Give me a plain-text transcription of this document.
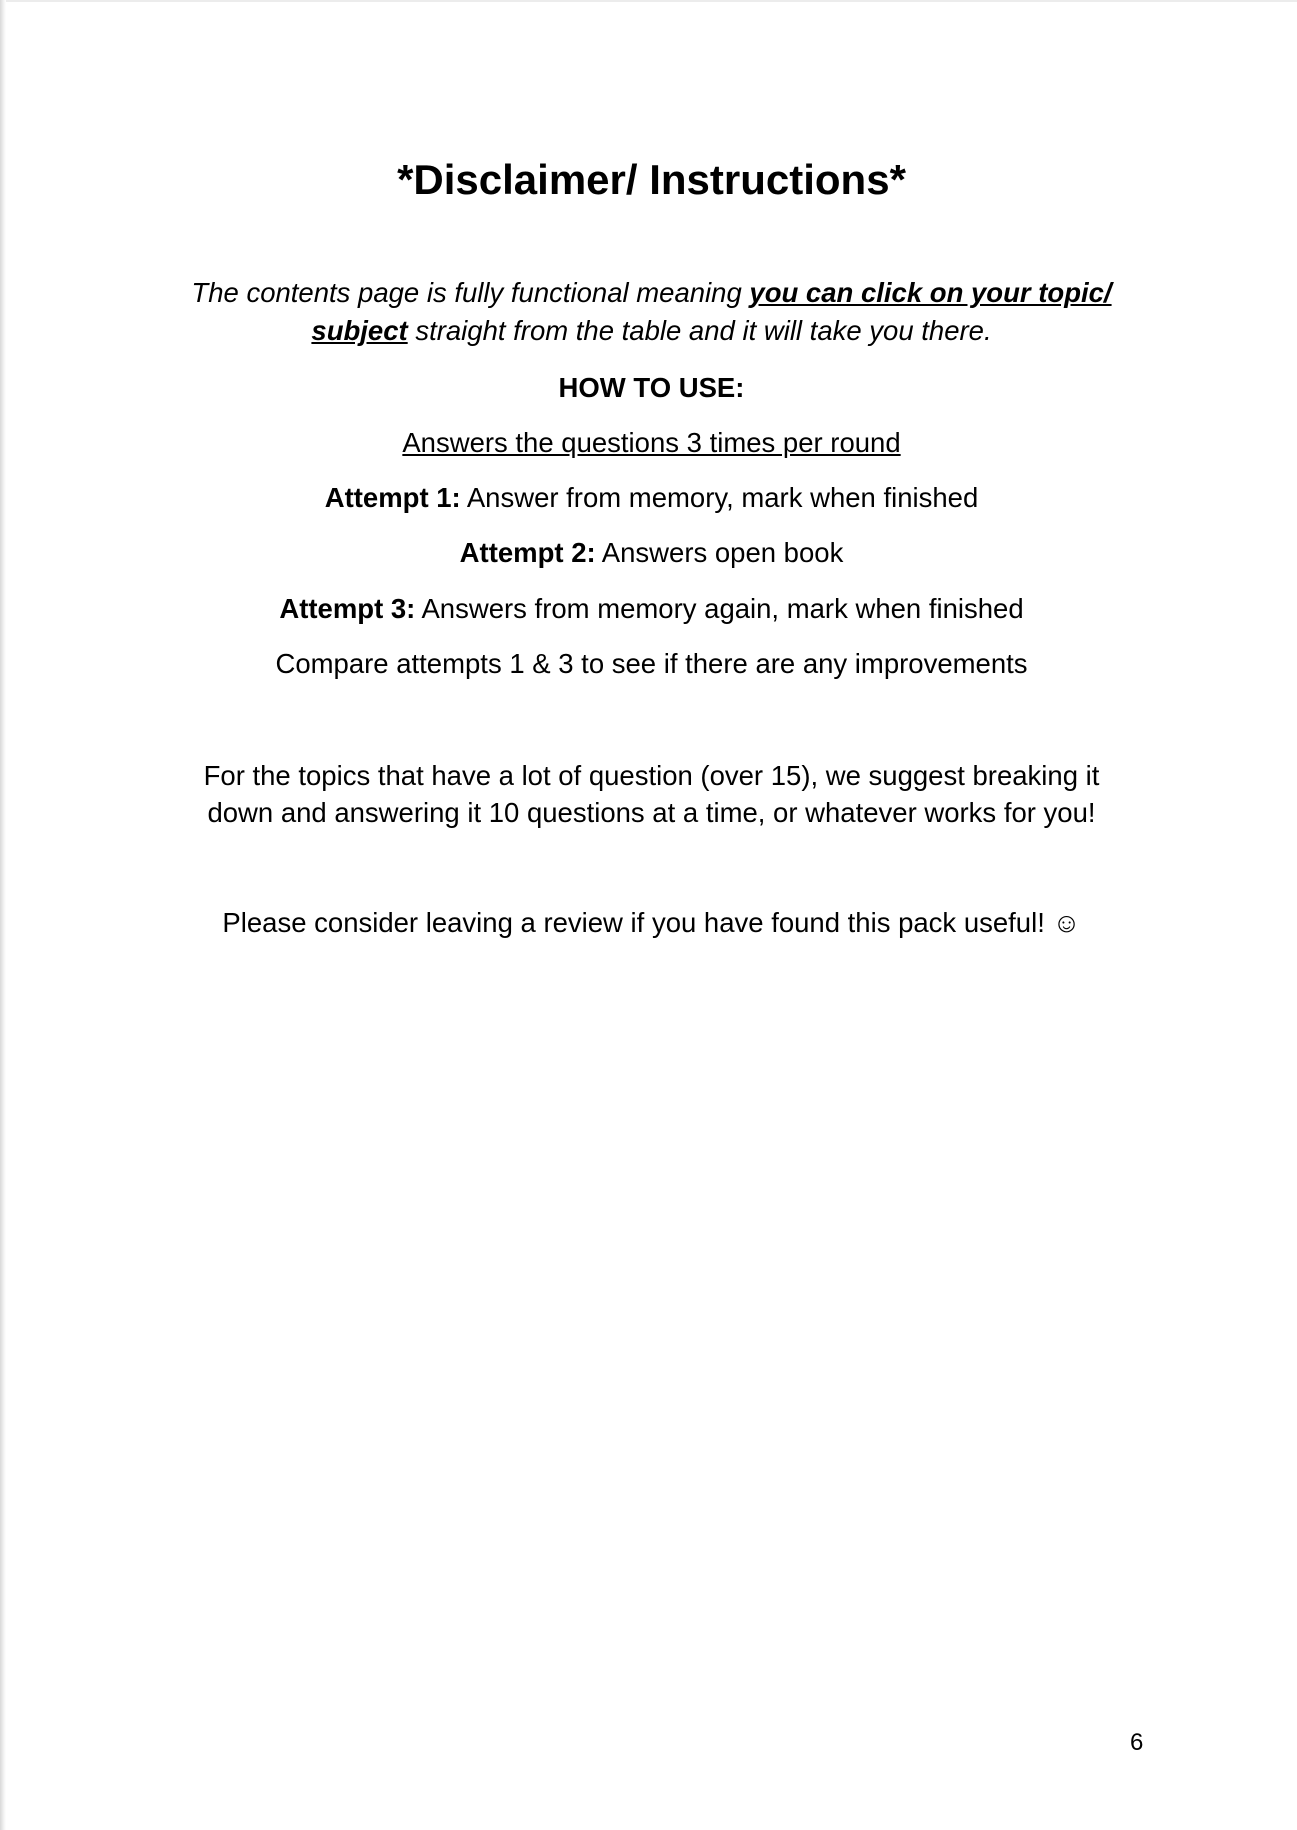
*Disclaimer/ Instructions*

The contents page is fully functional meaning you can click on your topic/
subject straight from the table and it will take you there.

HOW TO USE:

Answers the questions 3 times per round

Attempt 1: Answer from memory, mark when finished

Attempt 2: Answers open book

Attempt 3: Answers from memory again, mark when finished

Compare attempts 1 & 3 to see if there are any improvements

For the topics that have a lot of question (over 15), we suggest breaking it
down and answering it 10 questions at a time, or whatever works for you!

Please consider leaving a review if you have found this pack useful! ☺

6
